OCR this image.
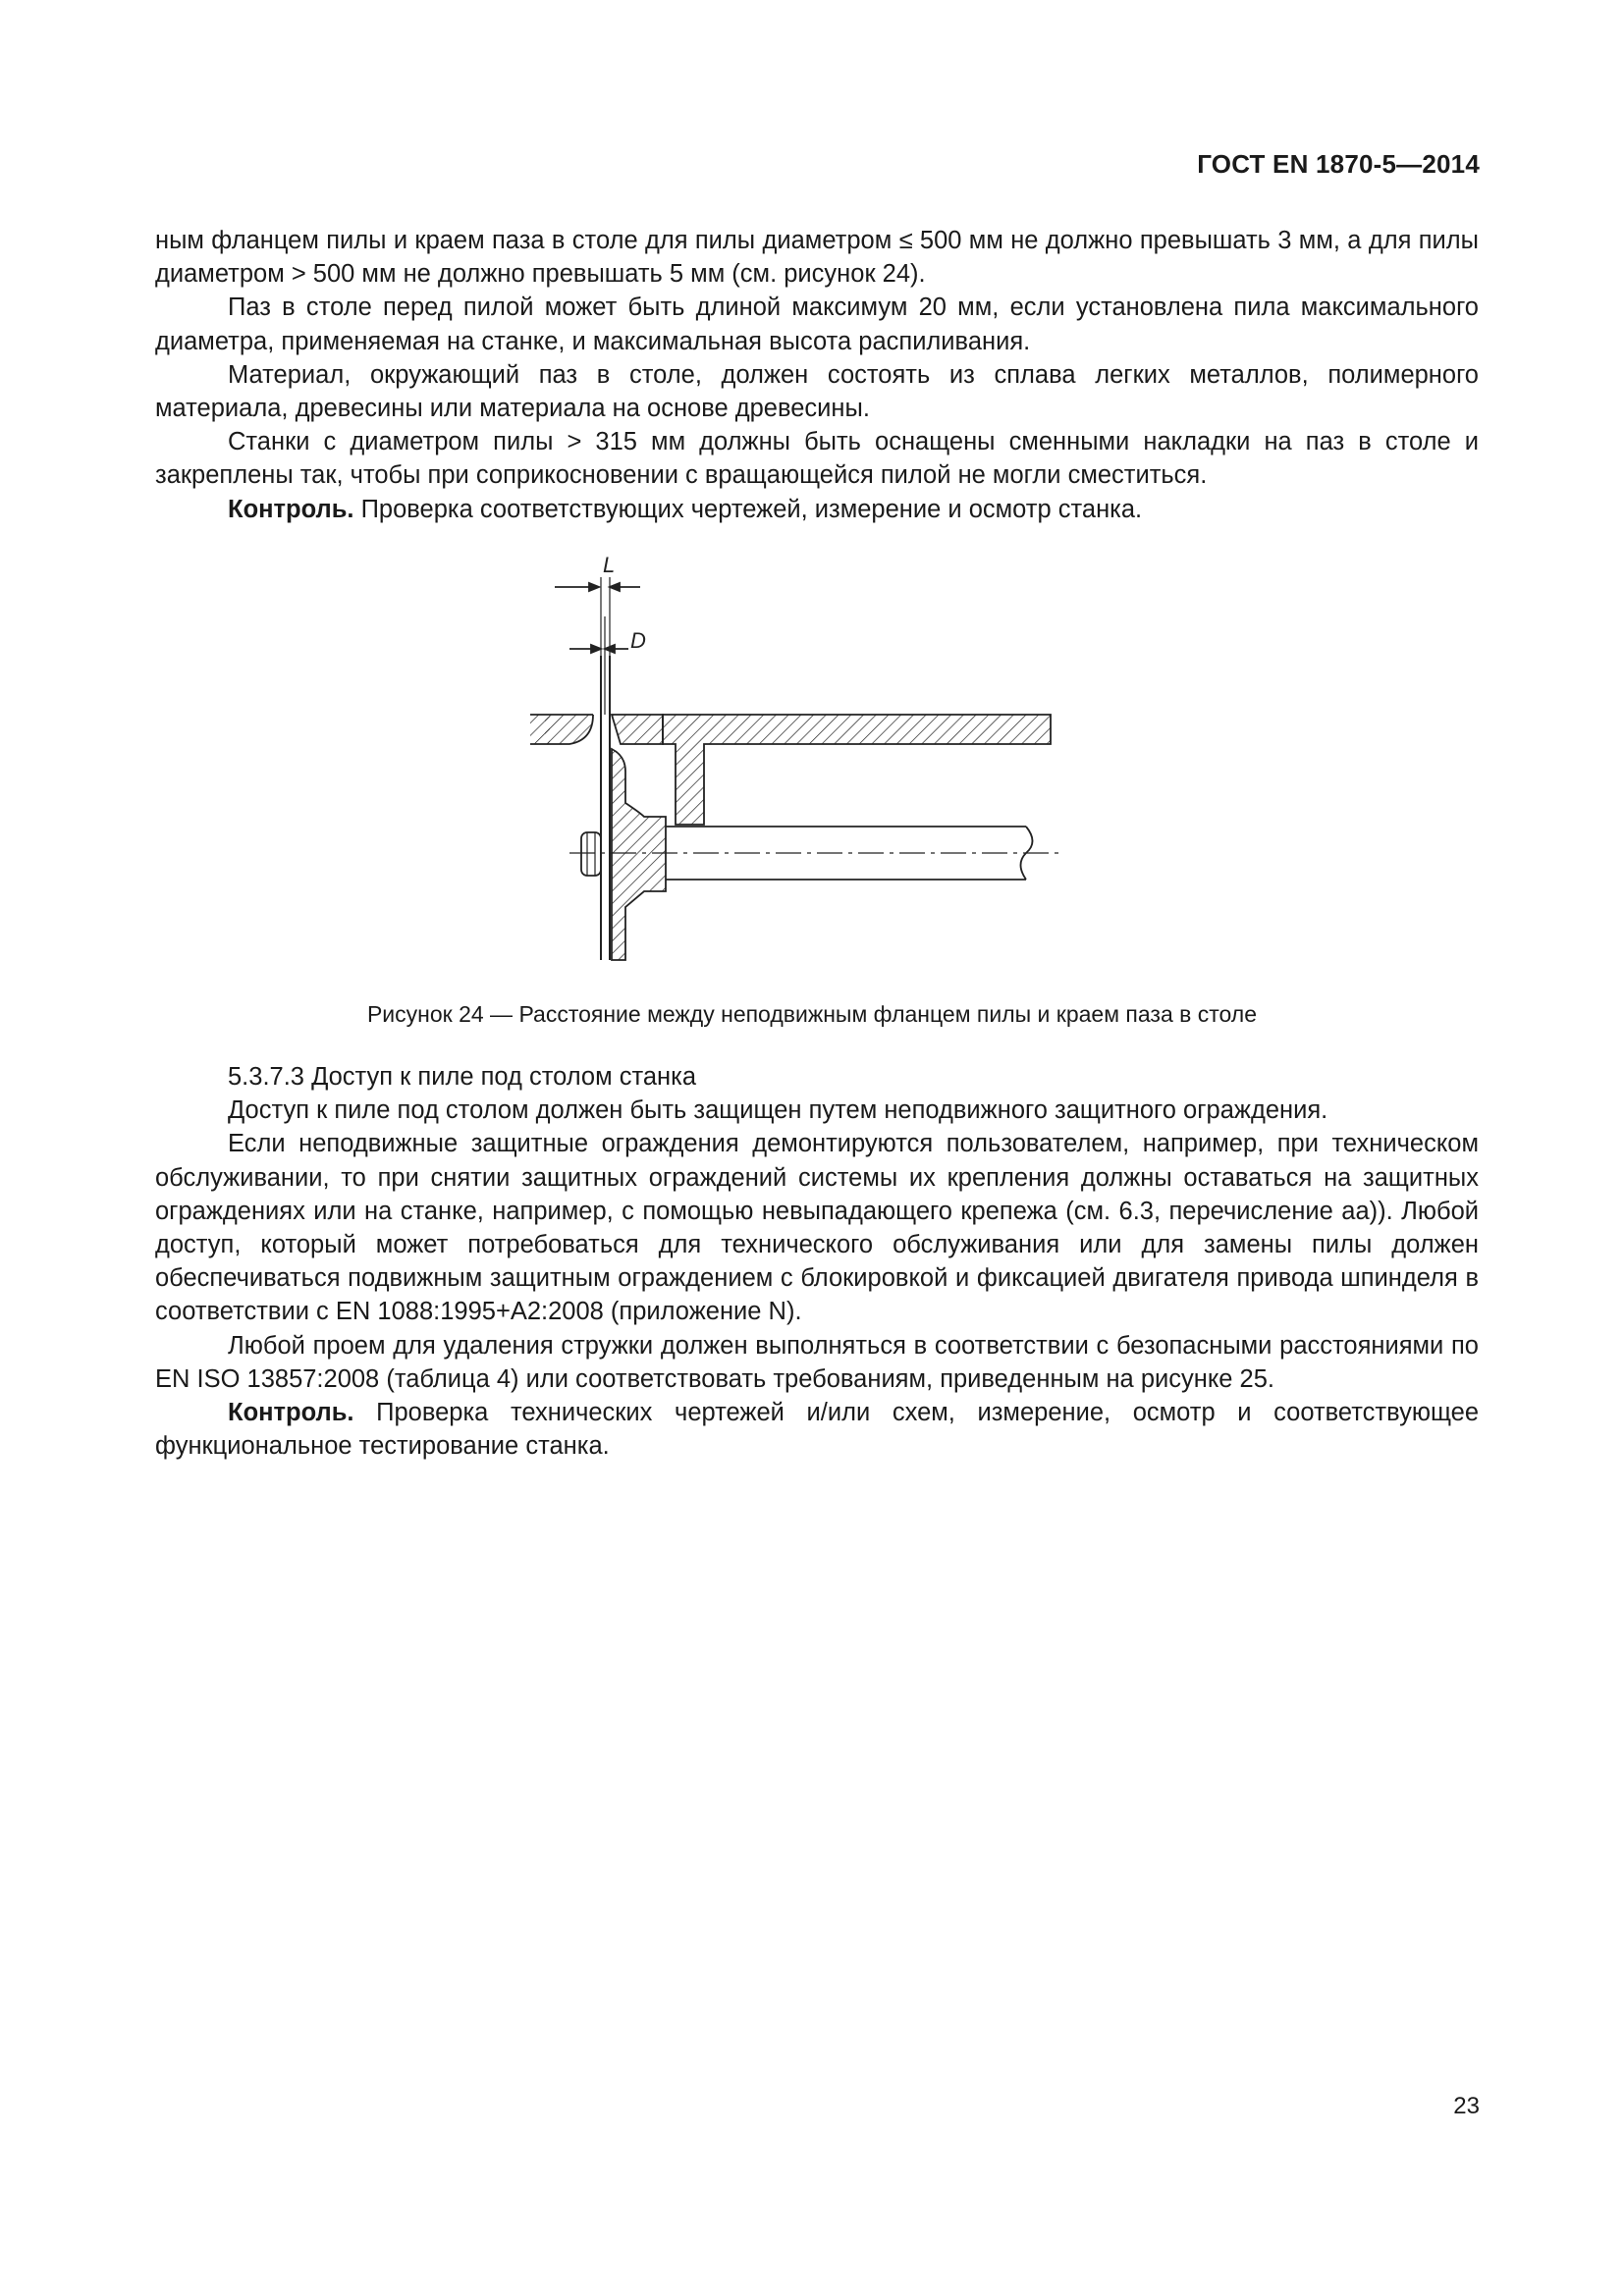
ГОСТ EN 1870-5—2014

ным фланцем пилы и краем паза в столе для пилы диаметром ≤ 500 мм не должно превышать 3 мм, а для пилы диаметром > 500 мм не должно превышать 5 мм (см. рисунок 24).

Паз в столе перед пилой может быть длиной максимум 20 мм, если установлена пила максимального диаметра, применяемая на станке, и максимальная высота распиливания.

Материал, окружающий паз в столе, должен состоять из сплава легких металлов, полимерного материала, древесины или материала на основе древесины.

Станки с диаметром пилы > 315 мм должны быть оснащены сменными накладки на паз в столе и закреплены так, чтобы при соприкосновении с вращающейся пилой не могли сместиться.

Контроль. Проверка соответствующих чертежей, измерение и осмотр станка.

L
D
Рисунок 24 — Расстояние между неподвижным фланцем пилы и краем паза в столе

5.3.7.3 Доступ к пиле под столом станка

Доступ к пиле под столом должен быть защищен путем неподвижного защитного ограждения.

Если неподвижные защитные ограждения демонтируются пользователем, например, при техническом обслуживании, то при снятии защитных ограждений системы их крепления должны оставаться на защитных ограждениях или на станке, например, с помощью невыпадающего крепежа (см. 6.3, перечисление аа)). Любой доступ, который может потребоваться для технического обслуживания или для замены пилы должен обеспечиваться подвижным защитным ограждением с блокировкой и фиксацией двигателя привода шпинделя в соответствии с EN 1088:1995+A2:2008 (приложение N).

Любой проем для удаления стружки должен выполняться в соответствии с безопасными расстояниями по EN ISO 13857:2008 (таблица 4) или соответствовать требованиям, приведенным на рисунке 25.

Контроль. Проверка технических чертежей и/или схем, измерение, осмотр и соответствующее функциональное тестирование станка.

23
